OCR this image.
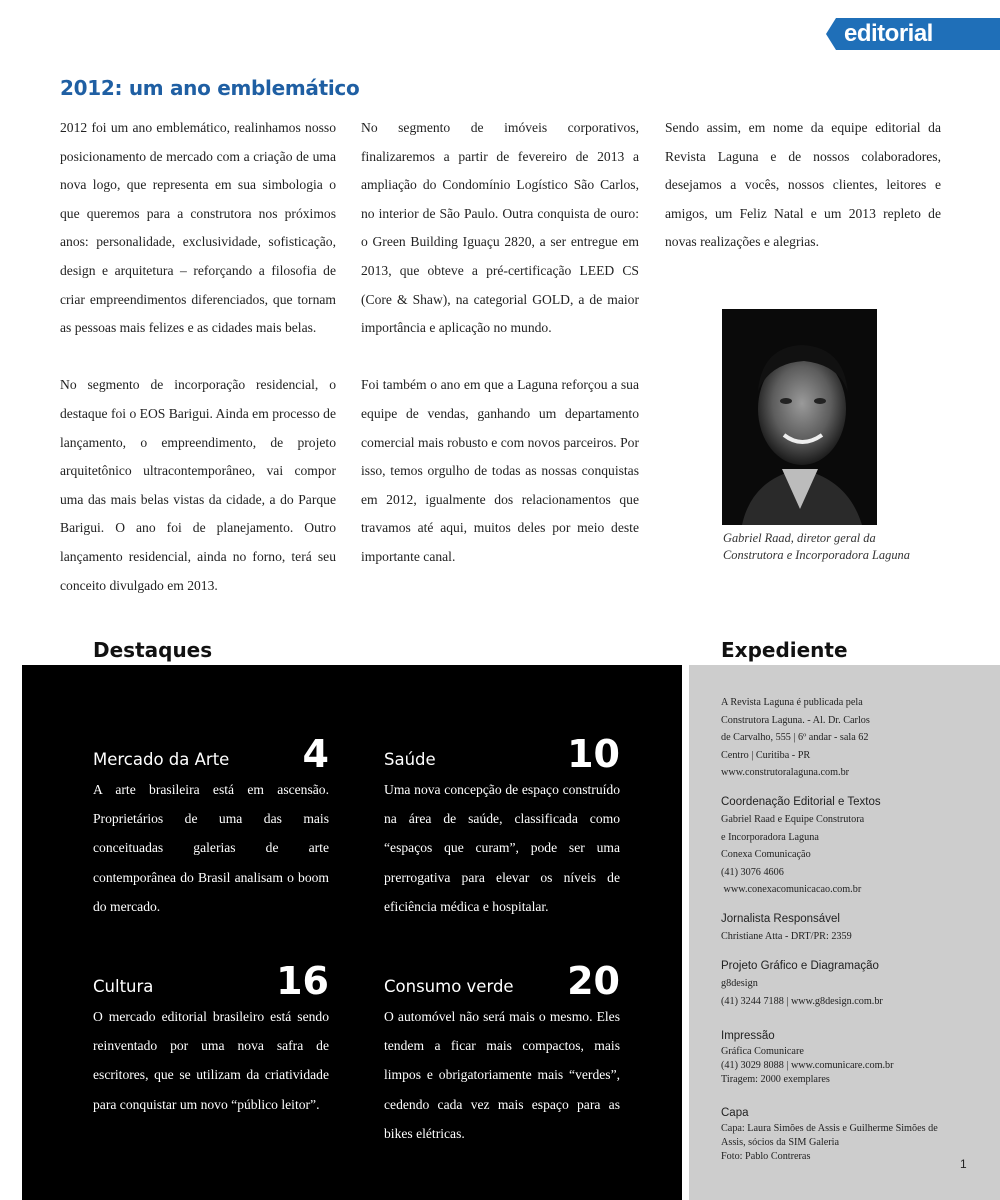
editorial
2012: um ano emblemático

2012 foi um ano emblemático, realinhamos nosso posicionamento de mercado com a criação de uma nova logo, que representa em sua simbologia o que queremos para a construtora nos próximos anos: personalidade, exclusividade, sofisticação, design e arquitetura – reforçando a filosofia de criar empreendimentos diferenciados, que tornam as pessoas mais felizes e as cidades mais belas.

No segmento de incorporação residencial, o destaque foi o EOS Barigui. Ainda em processo de lançamento, o empreendimento, de projeto arquitetônico ultracontemporâneo, vai compor uma das mais belas vistas da cidade, a do Parque Barigui. O ano foi de planejamento. Outro lançamento residencial, ainda no forno, terá seu conceito divulgado em 2013.

No segmento de imóveis corporativos, finalizaremos a partir de fevereiro de 2013 a ampliação do Condomínio Logístico São Carlos, no interior de São Paulo. Outra conquista de ouro: o Green Building Iguaçu 2820, a ser entregue em 2013, que obteve a pré-certificação LEED CS (Core & Shaw), na categorial GOLD, a de maior importância e aplicação no mundo.

Foi também o ano em que a Laguna reforçou a sua equipe de vendas, ganhando um departamento comercial mais robusto e com novos parceiros. Por isso, temos orgulho de todas as nossas conquistas em 2012, igualmente dos relacionamentos que travamos até aqui, muitos deles por meio deste importante canal.

Sendo assim, em nome da equipe editorial da Revista Laguna e de nossos colaboradores, desejamos a vocês, nossos clientes, leitores e amigos, um Feliz Natal e um 2013 repleto de novas realizações e alegrias.

Gabriel Raad, diretor geral da
Construtora e Incorporadora Laguna
Destaques	Expediente
Mercado da Arte 4

A arte brasileira está em ascensão. Proprietários de uma das mais conceituadas galerias de arte contemporânea do Brasil analisam o boom do mercado.

Saúde	10

Uma nova concepção de espaço construído na área de saúde, classificada como “espaços que curam”, pode ser uma prerrogativa para elevar os níveis de eficiência médica e hospitalar.

Cultura	16

O mercado editorial brasileiro está sendo reinventado por uma nova safra de escritores, que se utilizam da criatividade para conquistar um novo “público leitor”.

Consumo verde 20

O automóvel não será mais o mesmo. Eles tendem a ficar mais compactos, mais limpos e obrigatoriamente mais “verdes”, cedendo cada vez mais espaço para as bikes elétricas.

A Revista Laguna é publicada pela
Construtora Laguna. - Al. Dr. Carlos
de Carvalho, 555 | 6º andar - sala 62
Centro | Curitiba - PR
www.construtoralaguna.com.br
Coordenação Editorial e Textos
Gabriel Raad e Equipe Construtora
e Incorporadora Laguna
Conexa Comunicação
(41) 3076 4606
www.conexacomunicacao.com.br
Jornalista Responsável
Christiane Atta - DRT/PR: 2359
Projeto Gráfico e Diagramação
g8design
(41) 3244 7188 | www.g8design.com.br
Impressão
Gráfica Comunicare
(41) 3029 8088 | www.comunicare.com.br
Tiragem: 2000 exemplares
Capa
Capa: Laura Simões de Assis e Guilherme Simões de Assis, sócios da SIM Galeria
Foto: Pablo Contreras
1
